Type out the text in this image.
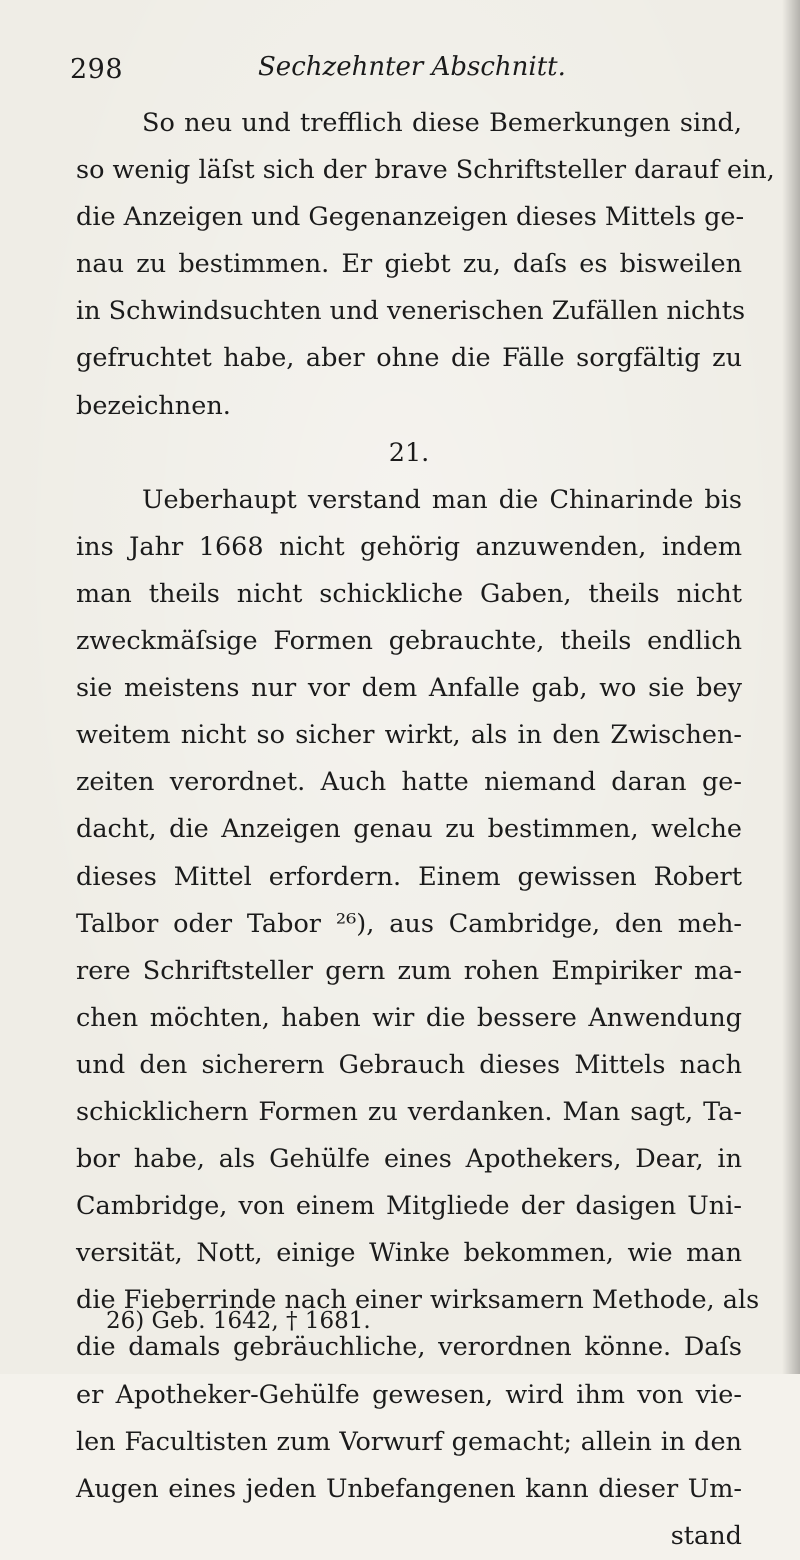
298	Sechzehnter Abschnitt.
So neu und trefflich diese Bemerkungen sind,
so wenig läſst sich der brave Schriftsteller darauf ein,
die Anzeigen und Gegenanzeigen dieses Mittels ge-
nau zu bestimmen. Er giebt zu, daſs es bisweilen
in Schwindsuchten und venerischen Zufällen nichts
gefruchtet habe, aber ohne die Fälle sorgfältig zu
bezeichnen.
21.
Ueberhaupt verstand man die Chinarinde bis
ins Jahr 1668 nicht gehörig anzuwenden, indem
man theils nicht schickliche Gaben, theils nicht
zweckmäſsige Formen gebrauchte, theils endlich
sie meistens nur vor dem Anfalle gab, wo sie bey
weitem nicht so sicher wirkt, als in den Zwischen-
zeiten verordnet. Auch hatte niemand daran ge-
dacht, die Anzeigen genau zu bestimmen, welche
dieses Mittel erfordern. Einem gewissen Robert
Talbor oder Tabor ²⁶), aus Cambridge, den meh-
rere Schriftsteller gern zum rohen Empiriker ma-
chen möchten, haben wir die bessere Anwendung
und den sicherern Gebrauch dieses Mittels nach
schicklichern Formen zu verdanken. Man sagt, Ta-
bor habe, als Gehülfe eines Apothekers, Dear, in
Cambridge, von einem Mitgliede der dasigen Uni-
versität, Nott, einige Winke bekommen, wie man
die Fieberrinde nach einer wirksamern Methode, als
die damals gebräuchliche, verordnen könne. Daſs
er Apotheker-Gehülfe gewesen, wird ihm von vie-
len Facultisten zum Vorwurf gemacht; allein in den
Augen eines jeden Unbefangenen kann dieser Um-
stand
26) Geb. 1642, † 1681.
